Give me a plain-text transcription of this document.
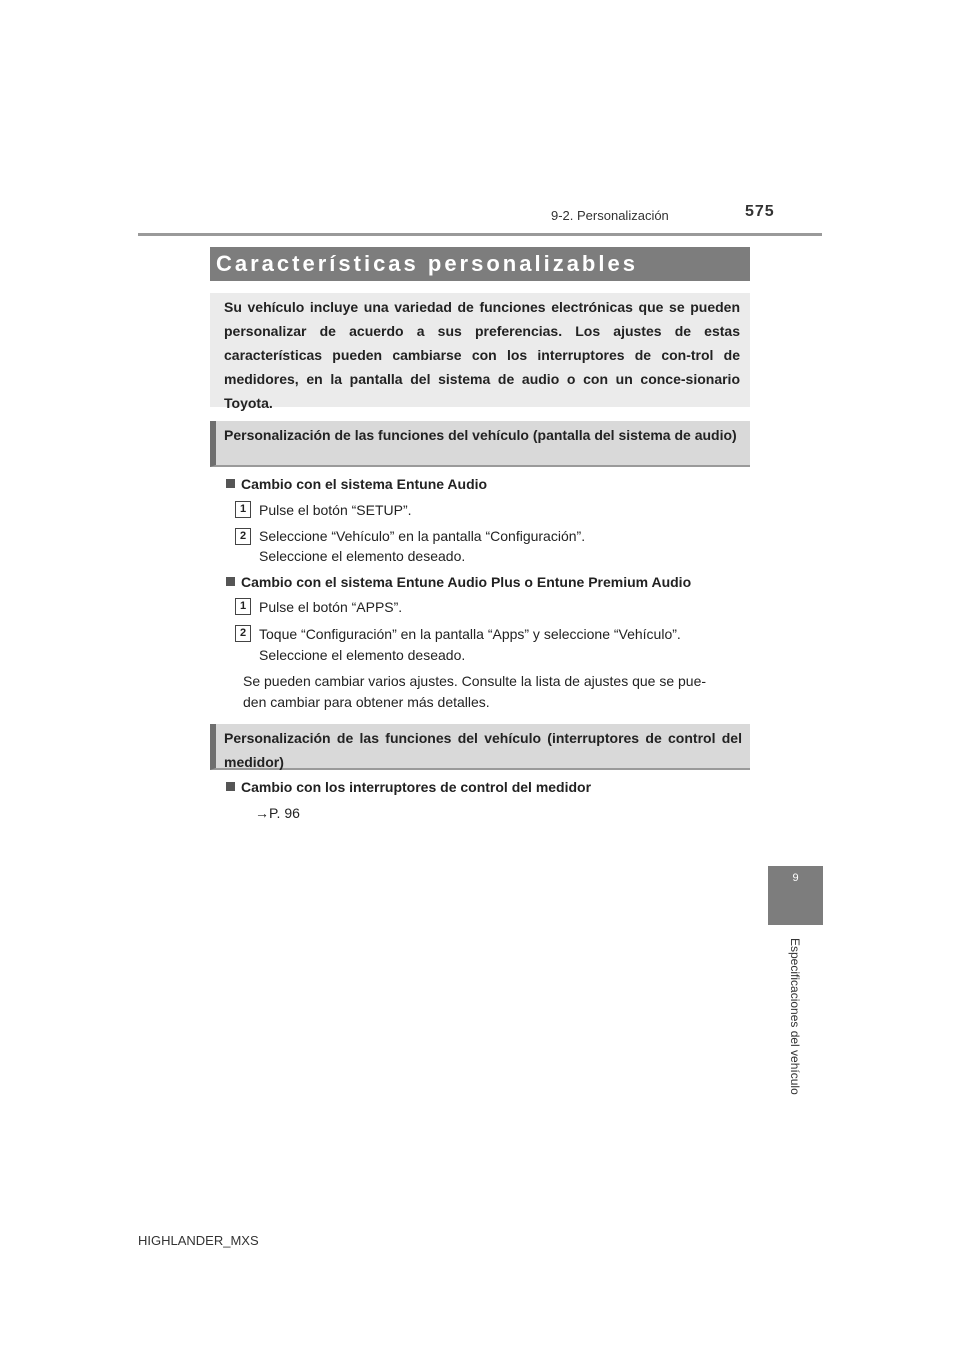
9-2. Personalización	575
Características personalizables
Su vehículo incluye una variedad de funciones electrónicas que se pueden personalizar de acuerdo a sus preferencias. Los ajustes de estas características pueden cambiarse con los interruptores de con-trol de medidores, en la pantalla del sistema de audio o con un conce-sionario Toyota.
Personalización de las funciones del vehículo (pantalla del sistema de audio)
Cambio con el sistema Entune Audio
1 Pulse el botón “SETUP”.
2 Seleccione “Vehículo” en la pantalla “Configuración”.
Seleccione el elemento deseado.
Cambio con el sistema Entune Audio Plus o Entune Premium Audio
1 Pulse el botón “APPS”.
2 Toque “Configuración” en la pantalla “Apps” y seleccione “Vehículo”.
Seleccione el elemento deseado.
Se pueden cambiar varios ajustes. Consulte la lista de ajustes que se pue-
den cambiar para obtener más detalles.
Personalización de las funciones del vehículo (interruptores de control del medidor)
Cambio con los interruptores de control del medidor
→P. 96
9
Especificaciones del vehículo
HIGHLANDER_MXS
